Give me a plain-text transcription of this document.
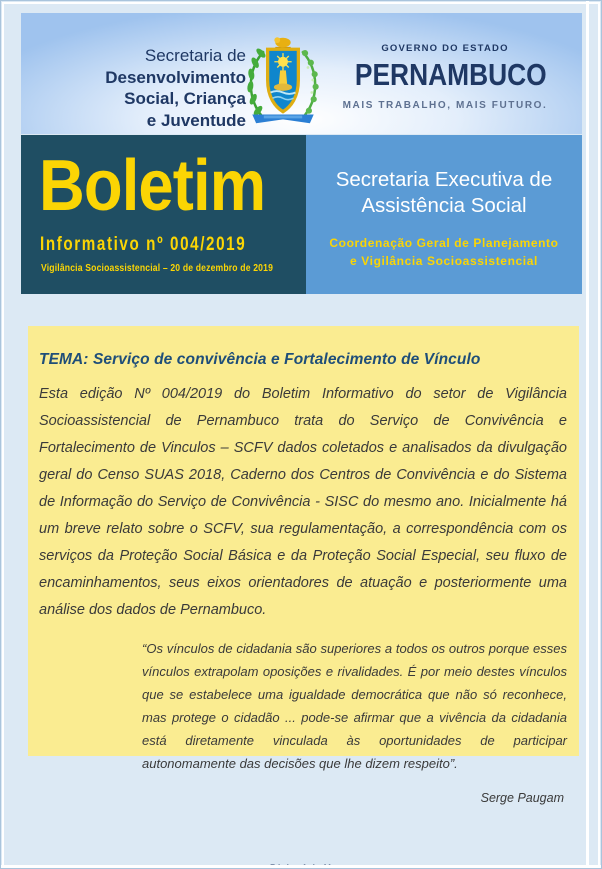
Secretaria de
Desenvolvimento
Social, Criança
e Juventude
GOVERNO DO ESTADO
PERNAMBUCO
MAIS TRABALHO, MAIS FUTURO.
Boletim
Informativo nº 004/2019
Vigilância Socioassistencial – 20 de dezembro de 2019
Secretaria Executiva de
Assistência Social
Coordenação Geral de Planejamento
e Vigilância Socioassistencial
TEMA: Serviço de convivência e Fortalecimento de Vínculo

Esta edição Nº 004/2019 do Boletim Informativo do setor de Vigilância Socioassistencial de Pernambuco trata do Serviço de Convivência e Fortalecimento de Vinculos – SCFV dados coletados e analisados da divulgação geral do Censo SUAS 2018, Caderno dos Centros de Convivência e do Sistema de Informação do Serviço de Convivência - SISC do mesmo ano. Inicialmente há um breve relato sobre o SCFV, sua regulamentação, a correspondência com os serviços da Proteção Social Básica e da Proteção Social Especial, seu fluxo de encaminhamentos, seus eixos orientadores de atuação e posteriormente uma análise dos dados de Pernambuco.

“Os vínculos de cidadania são superiores a todos os outros porque esses vínculos extrapolam oposições e rivalidades. É por meio destes vínculos que se estabelece uma igualdade democrática que não só reconhece, mas protege o cidadão ... pode-se afirmar que a vivência da cidadania está diretamente vinculada às oportunidades de participar autonomamente das decisões que lhe dizem respeito”.
Serge Paugam
